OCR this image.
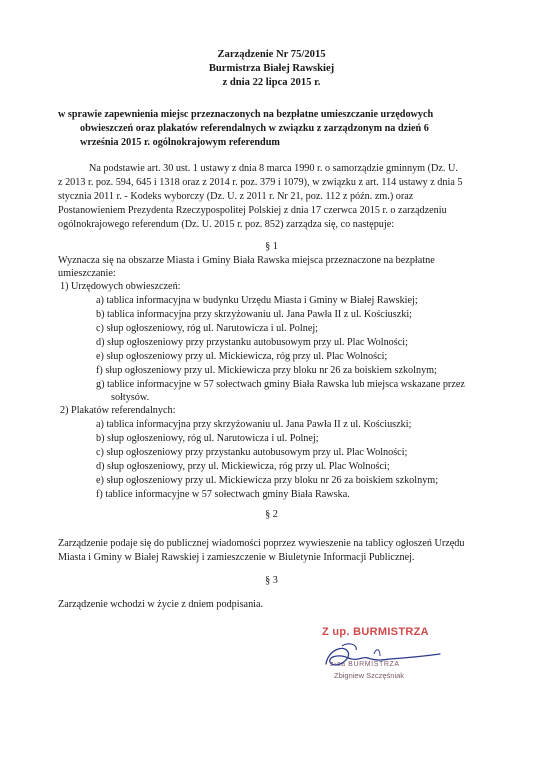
Zarządzenie Nr 75/2015
Burmistrza Białej Rawskiej
z dnia 22 lipca 2015 r.
w sprawie zapewnienia miejsc przeznaczonych na bezpłatne umieszczanie urzędowych
obwieszczeń oraz plakatów referendalnych w związku z zarządzonym na dzień 6
września 2015 r. ogólnokrajowym referendum
Na podstawie art. 30 ust. 1 ustawy z dnia 8 marca 1990 r. o samorządzie gminnym (Dz. U.
z 2013 r. poz. 594, 645 i 1318 oraz z 2014 r. poz. 379 i 1079), w związku z art. 114 ustawy z dnia 5
stycznia 2011 r. - Kodeks wyborczy (Dz. U. z 2011 r. Nr 21, poz. 112 z późn. zm.) oraz
Postanowieniem Prezydenta Rzeczypospolitej Polskiej z dnia 17 czerwca 2015 r. o zarządzeniu
ogólnokrajowego referendum (Dz. U. 2015 r. poz. 852) zarządza się, co następuje:
§ 1
Wyznacza się na obszarze Miasta i Gminy Biała Rawska miejsca przeznaczone na bezpłatne
umieszczanie:
1) Urzędowych obwieszczeń:
a) tablica informacyjna w budynku Urzędu Miasta i Gminy w Białej Rawskiej;
b) tablica informacyjna przy skrzyżowaniu ul. Jana Pawła II z ul. Kościuszki;
c) słup ogłoszeniowy, róg ul. Narutowicza i ul. Polnej;
d) słup ogłoszeniowy przy przystanku autobusowym przy ul. Plac Wolności;
e) słup ogłoszeniowy przy ul. Mickiewicza, róg przy ul. Plac Wolności;
f) słup ogłoszeniowy przy ul. Mickiewicza przy bloku nr 26 za boiskiem szkolnym;
g) tablice informacyjne w 57 sołectwach gminy Biała Rawska lub miejsca wskazane przez
sołtysów.
2) Plakatów referendalnych:
a) tablica informacyjna przy skrzyżowaniu ul. Jana Pawła II z ul. Kościuszki;
b) słup ogłoszeniowy, róg ul. Narutowicza i ul. Polnej;
c) słup ogłoszeniowy przy przystanku autobusowym przy ul. Plac Wolności;
d) słup ogłoszeniowy, przy ul. Mickiewicza, róg przy ul. Plac Wolności;
e) słup ogłoszeniowy przy ul. Mickiewicza przy bloku nr 26 za boiskiem szkolnym;
f) tablice informacyjne w 57 sołectwach gminy Biała Rawska.
§ 2
Zarządzenie podaje się do publicznej wiadomości poprzez wywieszenie na tablicy ogłoszeń Urzędu
Miasta i Gminy w Białej Rawskiej i zamieszczenie w Biuletynie Informacji Publicznej.
§ 3
Zarządzenie wchodzi w życie z dniem podpisania.
Z up. BURMISTRZA
z-ca BURMISTRZA
Zbigniew Szczęśniak
